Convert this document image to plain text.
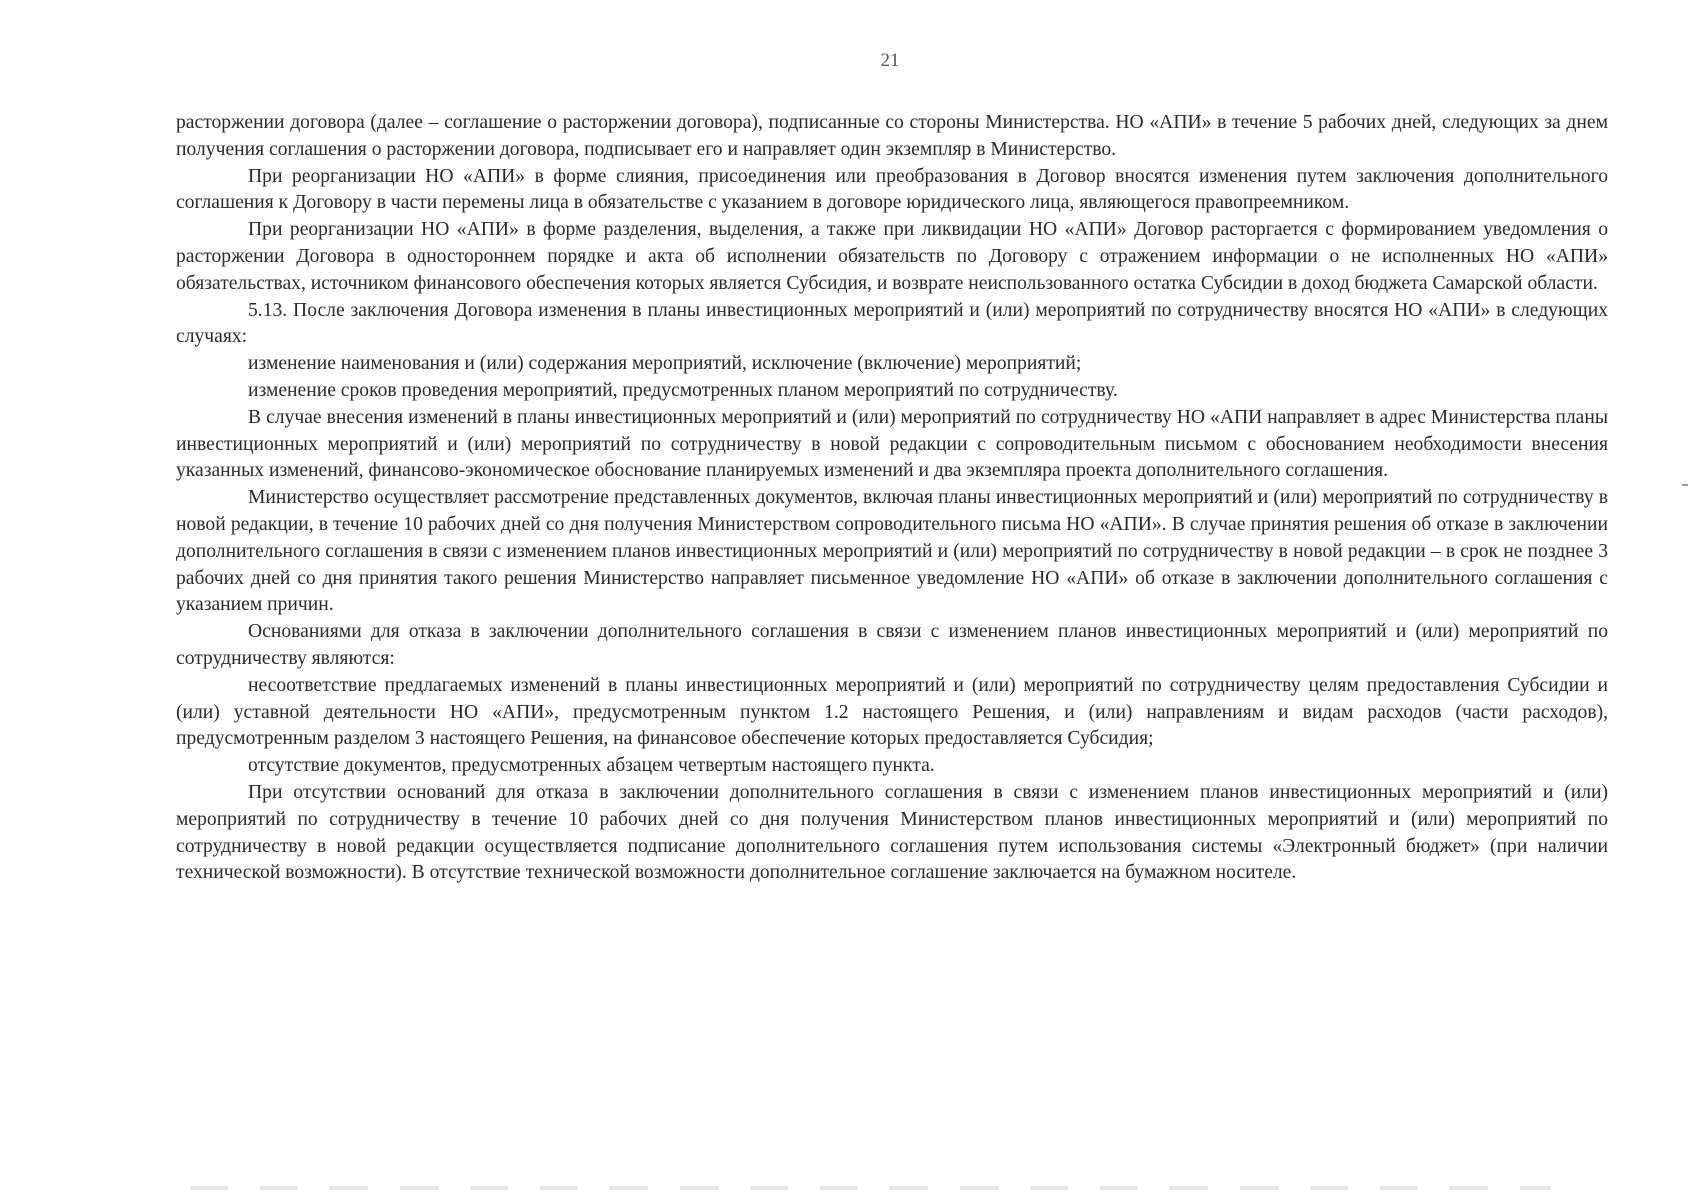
21

расторжении договора (далее – соглашение о расторжении договора), подписанные со стороны Министерства. НО «АПИ» в течение 5 рабочих дней, следующих за днем получения соглашения о расторжении договора, подписывает его и направляет один экземпляр в Министерство.

При реорганизации НО «АПИ» в форме слияния, присоединения или преобразования в Договор вносятся изменения путем заключения дополнительного соглашения к Договору в части перемены лица в обязательстве с указанием в договоре юридического лица, являющегося правопреемником.

При реорганизации НО «АПИ» в форме разделения, выделения, а также при ликвидации НО «АПИ» Договор расторгается с формированием уведомления о расторжении Договора в одностороннем порядке и акта об исполнении обязательств по Договору с отражением информации о не исполненных НО «АПИ» обязательствах, источником финансового обеспечения которых является Субсидия, и возврате неиспользованного остатка Субсидии в доход бюджета Самарской области.

5.13. После заключения Договора изменения в планы инвестиционных мероприятий и (или) мероприятий по сотрудничеству вносятся НО «АПИ» в следующих случаях:

изменение наименования и (или) содержания мероприятий, исключение (включение) мероприятий;

изменение сроков проведения мероприятий, предусмотренных планом мероприятий по сотрудничеству.

В случае внесения изменений в планы инвестиционных мероприятий и (или) мероприятий по сотрудничеству НО «АПИ направляет в адрес Министерства планы инвестиционных мероприятий и (или) мероприятий по сотрудничеству в новой редакции с сопроводительным письмом с обоснованием необходимости внесения указанных изменений, финансово-экономическое обоснование планируемых изменений и два экземпляра проекта дополнительного соглашения.

Министерство осуществляет рассмотрение представленных документов, включая планы инвестиционных мероприятий и (или) мероприятий по сотрудничеству в новой редакции, в течение 10 рабочих дней со дня получения Министерством сопроводительного письма НО «АПИ». В случае принятия решения об отказе в заключении дополнительного соглашения в связи с изменением планов инвестиционных мероприятий и (или) мероприятий по сотрудничеству в новой редакции – в срок не позднее 3 рабочих дней со дня принятия такого решения Министерство направляет письменное уведомление НО «АПИ» об отказе в заключении дополнительного соглашения с указанием причин.

Основаниями для отказа в заключении дополнительного соглашения в связи с изменением планов инвестиционных мероприятий и (или) мероприятий по сотрудничеству являются:

несоответствие предлагаемых изменений в планы инвестиционных мероприятий и (или) мероприятий по сотрудничеству целям предоставления Субсидии и (или) уставной деятельности НО «АПИ», предусмотренным пунктом 1.2 настоящего Решения, и (или) направлениям и видам расходов (части расходов), предусмотренным разделом 3 настоящего Решения, на финансовое обеспечение которых предоставляется Субсидия;

отсутствие документов, предусмотренных абзацем четвертым настоящего пункта.

При отсутствии оснований для отказа в заключении дополнительного соглашения в связи с изменением планов инвестиционных мероприятий и (или) мероприятий по сотрудничеству в течение 10 рабочих дней со дня получения Министерством планов инвестиционных мероприятий и (или) мероприятий по сотрудничеству в новой редакции осуществляется подписание дополнительного соглашения путем использования системы «Электронный бюджет» (при наличии технической возможности). В отсутствие технической возможности дополнительное соглашение заключается на бумажном носителе.
